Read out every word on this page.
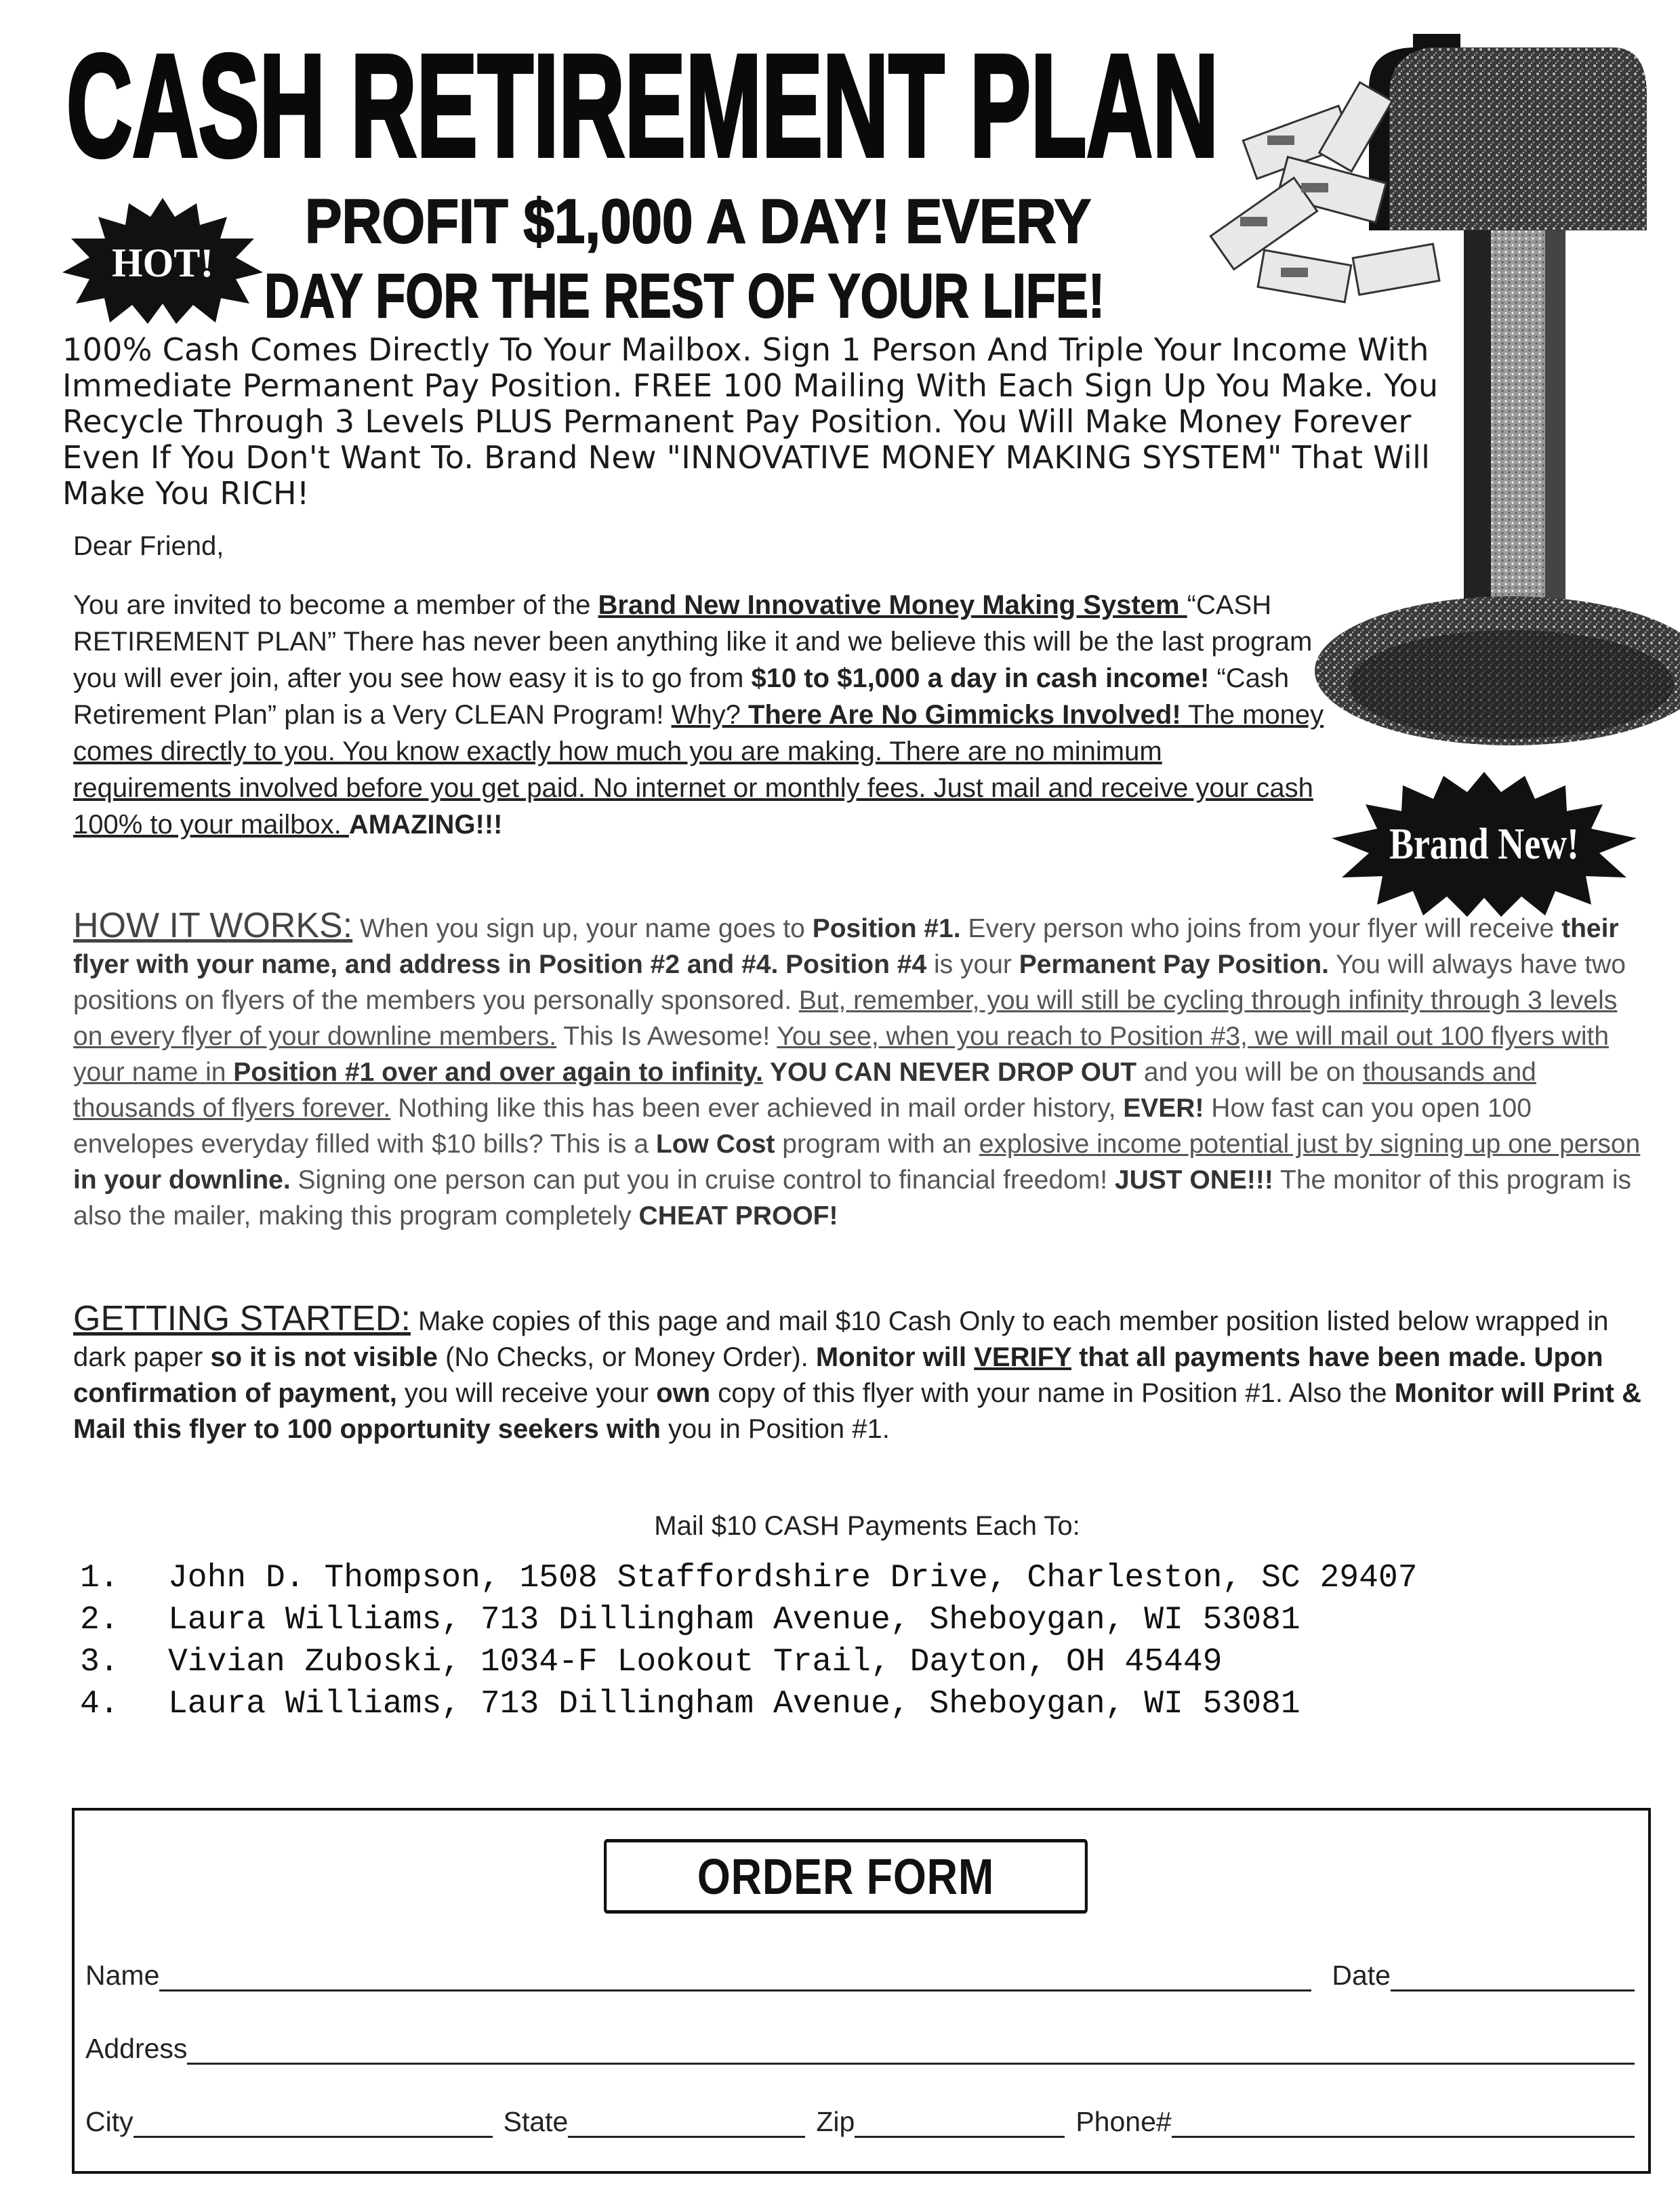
CASH RETIREMENT PLAN
HOT!
PROFIT $1,000 A DAY! EVERY
DAY FOR THE REST OF YOUR LIFE!
100% Cash Comes Directly To Your Mailbox. Sign 1 Person And Triple Your Income With Immediate Permanent Pay Position. FREE 100 Mailing With Each Sign Up You Make. You Recycle Through 3 Levels PLUS Permanent Pay Position. You Will Make Money Forever Even If You Don't Want To. Brand New "INNOVATIVE MONEY MAKING SYSTEM" That Will Make You RICH!
Dear Friend,
You are invited to become a member of the Brand New Innovative Money Making System “CASH RETIREMENT PLAN” There has never been anything like it and we believe this will be the last program you will ever join, after you see how easy it is to go from $10 to $1,000 a day in cash income! “Cash Retirement Plan” plan is a Very CLEAN Program! Why? There Are No Gimmicks Involved! The money comes directly to you. You know exactly how much you are making. There are no minimum requirements involved before you get paid. No internet or monthly fees. Just mail and receive your cash 100% to your mailbox. AMAZING!!!	Brand New!
HOW IT WORKS: When you sign up, your name goes to Position #1. Every person who joins from your flyer will receive their flyer with your name, and address in Position #2 and #4. Position #4 is your Permanent Pay Position. You will always have two positions on flyers of the members you personally sponsored. But, remember, you will still be cycling through infinity through 3 levels on every flyer of your downline members. This Is Awesome! You see, when you reach to Position #3, we will mail out 100 flyers with your name in Position #1 over and over again to infinity. YOU CAN NEVER DROP OUT and you will be on thousands and thousands of flyers forever. Nothing like this has been ever achieved in mail order history, EVER! How fast can you open 100 envelopes everyday filled with $10 bills? This is a Low Cost program with an explosive income potential just by signing up one person in your downline. Signing one person can put you in cruise control to financial freedom! JUST ONE!!! The monitor of this program is also the mailer, making this program completely CHEAT PROOF!
GETTING STARTED: Make copies of this page and mail $10 Cash Only to each member position listed below wrapped in dark paper so it is not visible (No Checks, or Money Order). Monitor will VERIFY that all payments have been made. Upon confirmation of payment, you will receive your own copy of this flyer with your name in Position #1. Also the Monitor will Print & Mail this flyer to 100 opportunity seekers with you in Position #1.
Mail $10 CASH Payments Each To:
1.	John D. Thompson, 1508 Staffordshire Drive, Charleston, SC 29407
2.	Laura Williams, 713 Dillingham Avenue, Sheboygan, WI 53081
3.	Vivian Zuboski, 1034-F Lookout Trail, Dayton, OH 45449
4.	Laura Williams, 713 Dillingham Avenue, Sheboygan, WI 53081
ORDER FORM
Name	Date
Address
City	State	Zip	Phone#
